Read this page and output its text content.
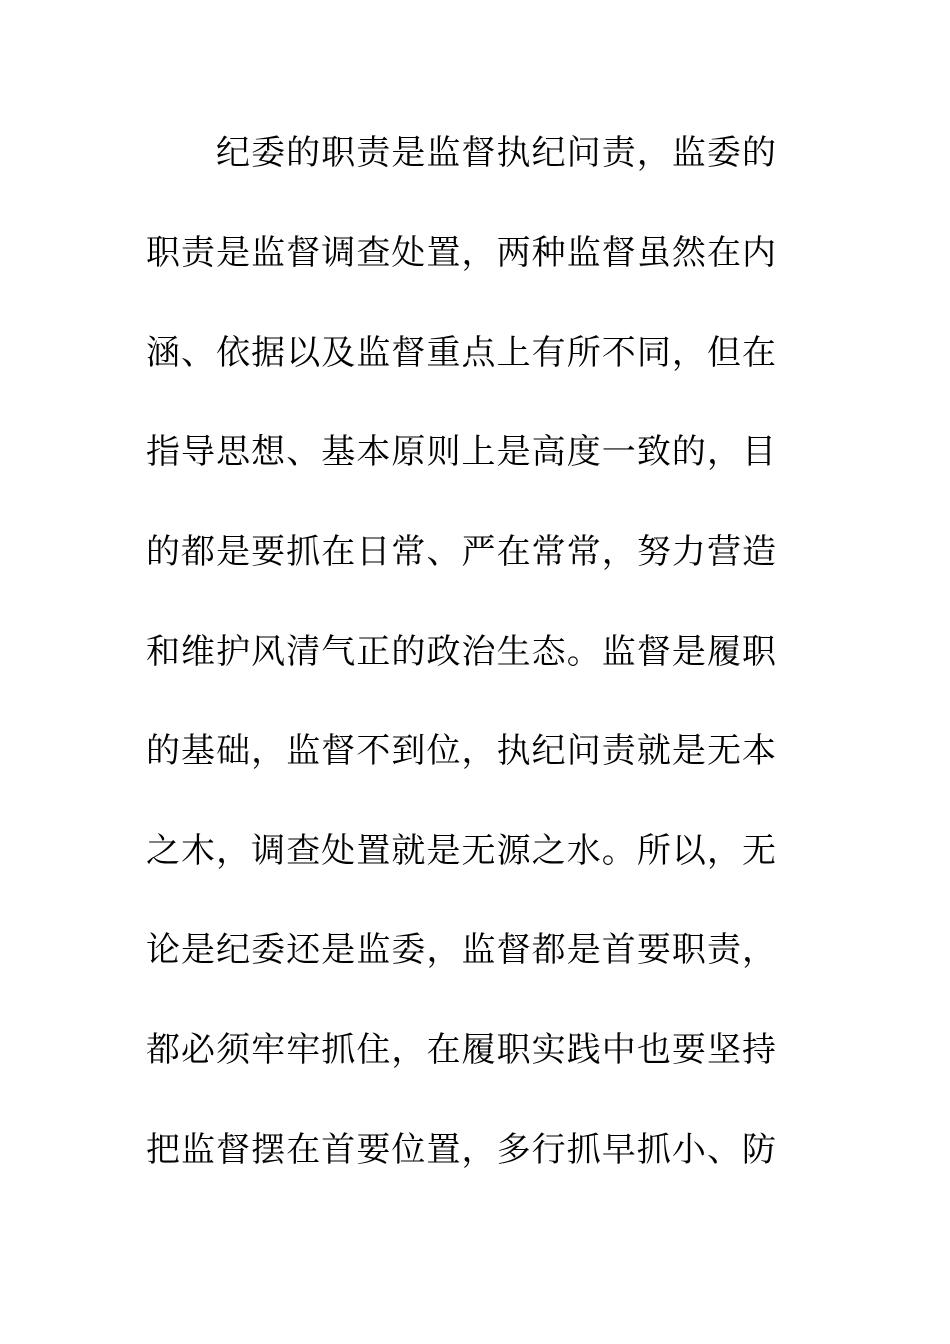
纪委的职责是监督执纪问责，监委的
职责是监督调查处置，两种监督虽然在内
涵、依据以及监督重点上有所不同，但在
指导思想、基本原则上是高度一致的，目
的都是要抓在日常、严在常常，努力营造
和维护风清气正的政治生态。监督是履职
的基础，监督不到位，执纪问责就是无本
之木，调查处置就是无源之水。所以，无
论是纪委还是监委，监督都是首要职责，
都必须牢牢抓住，在履职实践中也要坚持
把监督摆在首要位置，多行抓早抓小、防
